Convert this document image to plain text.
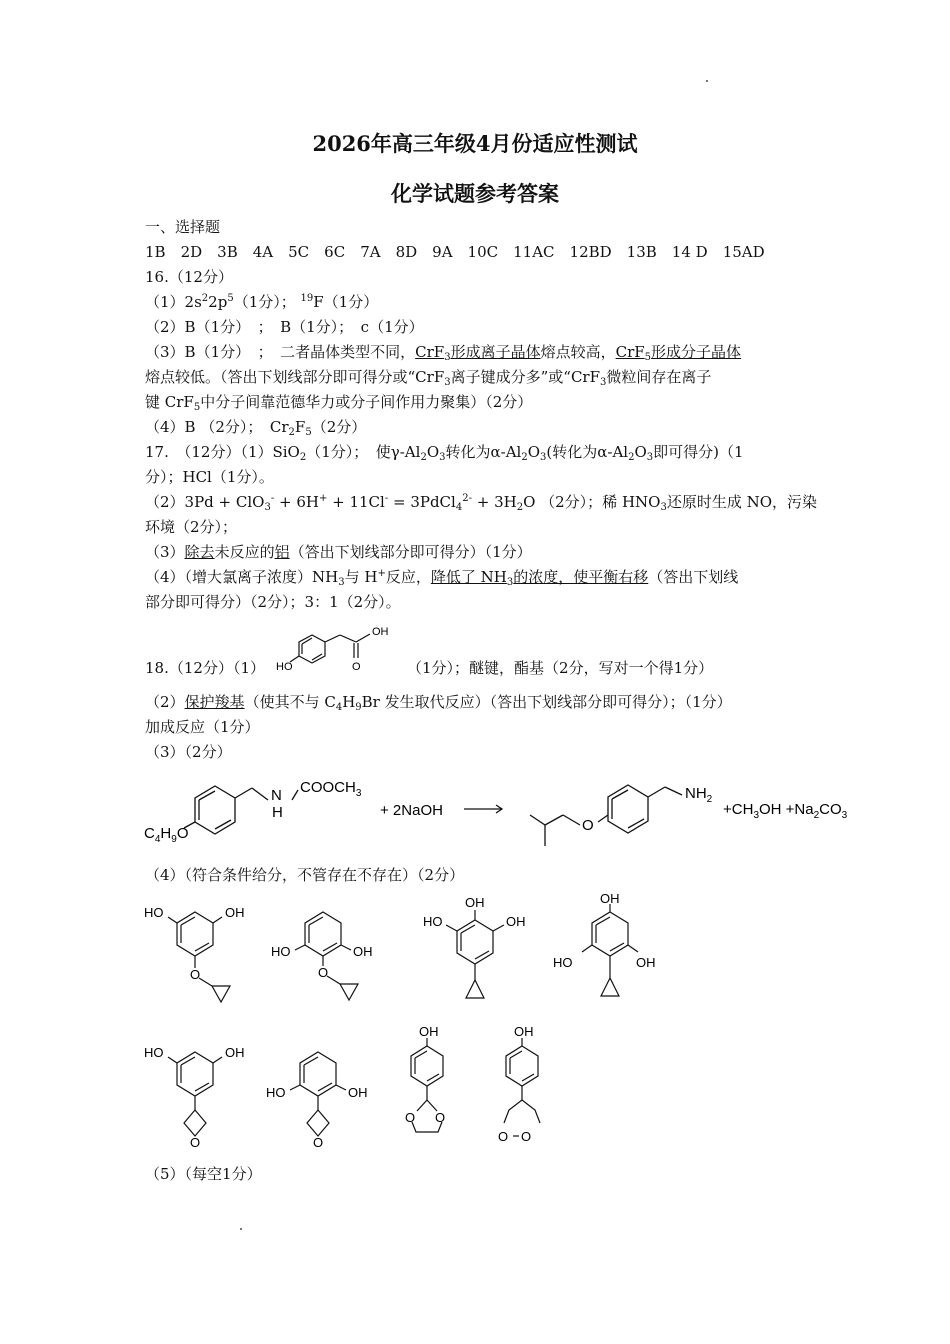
2026年高三年级4月份适应性测试
化学试题参考答案
一、选择题
1B  2D  3B  4A  5C  6C  7A  8D  9A  10C  11AC  12BD  13B  14 D  15AD
16.（12分）
$(1)2s^22p^5(1$分）； $^{19}$F（1分）
（2）B（1分）　；　B（1分）；　c（1分）
（3）B（1分）　；　二者晶体类型不同，CrF$_3$形成离子晶体熔点较高，CrF$_5$形成分子晶体
熔点较低。（答出下划线部分即可得分或“CrF$_3$离子键成分多”或“CrF$_3$微粒间存在离子
键 CrF$_5$中分子间靠范德华力或分子间作用力聚集）（2分）
（4）B （2分）；　$Cr_2F_5(2$分）
17.　（12分）（1）SiO$_2$（1分）；　使$\gamma-Al_2O_3$转化为$\alpha-Al_2O_3$(转化为$\alpha-Al_2O_3$即可得分)（1
分）；HCl（1分）。
（2）3Pd + ClO$_3$- + 6H+ + 11Cl- = 3PdCl$_4^{2-}$ + $3H_2O$ （2分）；稀 $HNO_3$还原时生成 NO，污染
环境（2分）；
（3）除去未反应的铝（答出下划线部分即可得分）（1分）
（4）（增大氯离子浓度）$NH_3$与 H+反应，降低了 $NH_3$的浓度，使平衡右移（答出下划线
部分即可得分）（2分）；3：1（2分）。
18.（12分）（1）	（1分）；醚键，酯基（2分，写对一个得1分）
HO
OH
O
（2）保护羧基（使其不与 $C_4H_9Br$ 发生取代反应）（答出下划线部分即可得分）；（1分）
加成反应（1分）
（3）（2分）
$C_4H_9O$
N
H
$COOCH_3$
+ 2NaOH
O
$NH_2$
$+CH_3OH +Na_2CO_3$
（4）（符合条件给分，不管存在不存在）（2分）
HO	OH
O
HO	OH
O
OH
HO	OH
OH
HO	OH
HO	OH
O
HO	OH
O
OH
O O
OH
O O
（5）（每空1分）
